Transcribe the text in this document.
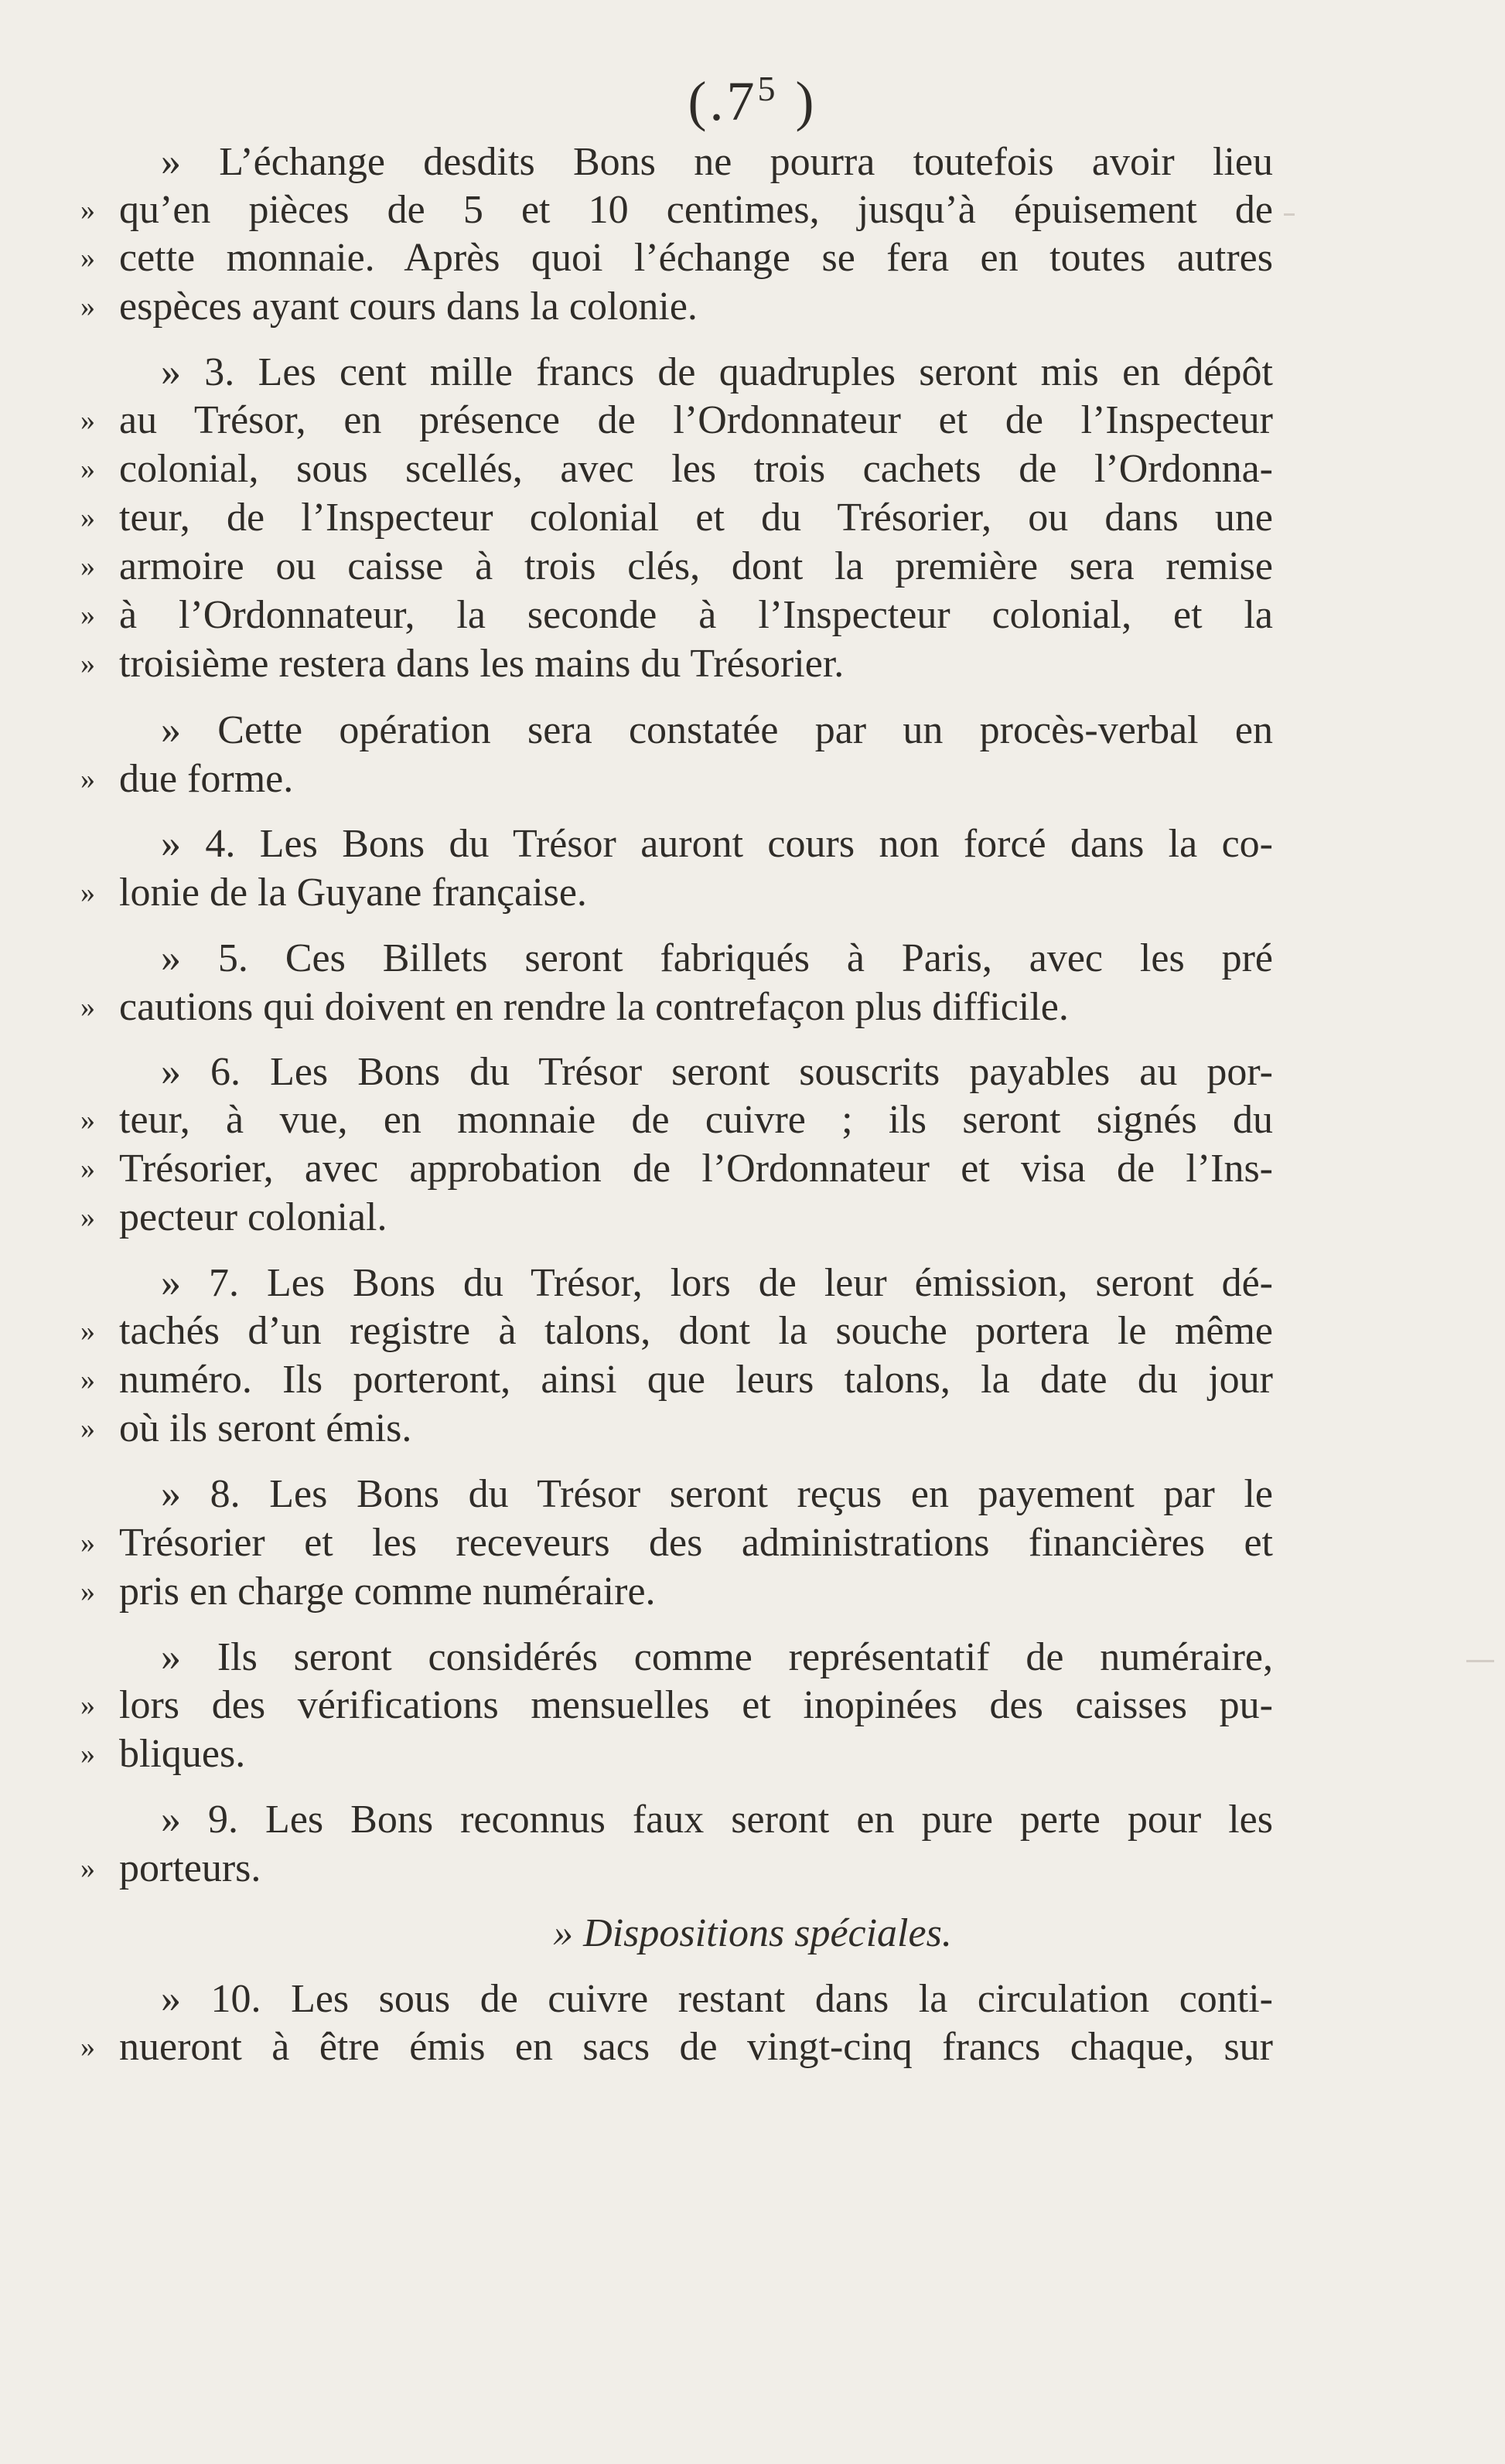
($.7^5$ )
» L’échange desdits Bons ne pourra toutefois avoir lieu
» qu’en pièces de 5 et 10 centimes, jusqu’à épuisement de
» cette monnaie. Après quoi l’échange se fera en toutes autres
» espèces ayant cours dans la colonie.
» 3. Les cent mille francs de quadruples seront mis en dépôt
» au Trésor, en présence de l’Ordonnateur et de l’Inspecteur
» colonial, sous scellés, avec les trois cachets de l’Ordonna-
» teur, de l’Inspecteur colonial et du Trésorier, ou dans une
» armoire ou caisse à trois clés, dont la première sera remise
» à l’Ordonnateur, la seconde à l’Inspecteur colonial, et la
» troisième restera dans les mains du Trésorier.
» Cette opération sera constatée par un procès-verbal en
» due forme.
» 4. Les Bons du Trésor auront cours non forcé dans la co-
» lonie de la Guyane française.
» 5. Ces Billets seront fabriqués à Paris, avec les pré
» cautions qui doivent en rendre la contrefaçon plus difficile.
» 6. Les Bons du Trésor seront souscrits payables au por-
» teur, à vue, en monnaie de cuivre ; ils seront signés du
» Trésorier, avec approbation de l’Ordonnateur et visa de l’Ins-
» pecteur colonial.
» 7. Les Bons du Trésor, lors de leur émission, seront dé-
» tachés d’un registre à talons, dont la souche portera le même
» numéro. Ils porteront, ainsi que leurs talons, la date du jour
» où ils seront émis.
» 8. Les Bons du Trésor seront reçus en payement par le
» Trésorier et les receveurs des administrations financières et
» pris en charge comme numéraire.
» Ils seront considérés comme représentatif de numéraire,
» lors des vérifications mensuelles et inopinées des caisses pu-
» bliques.
» 9. Les Bons reconnus faux seront en pure perte pour les
» porteurs.
» Dispositions spéciales.
» 10. Les sous de cuivre restant dans la circulation conti-
» nueront à être émis en sacs de vingt-cinq francs chaque, sur
